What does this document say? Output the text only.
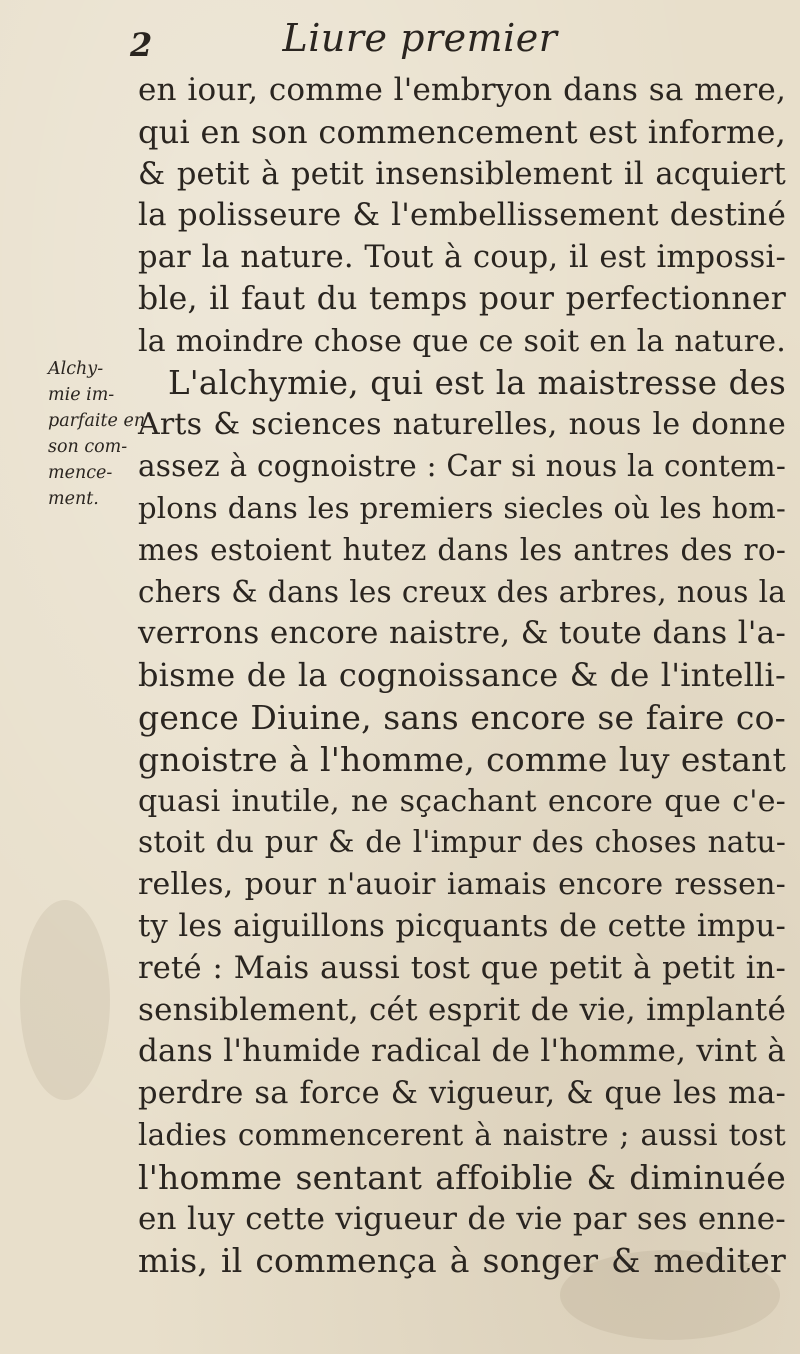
2	Liure premier
Alchy-
mie im-
parfaite en
son com-
mence-
ment.
en iour, comme l'embryon dans sa mere,
qui en son commencement est informe,
& petit à petit insensiblement il acquiert
la polisseure & l'embellissement destiné
par la nature. Tout à coup, il est impossi-
ble, il faut du temps pour perfectionner
la moindre chose que ce soit en la nature.
L'alchymie, qui est la maistresse des
Arts & sciences naturelles, nous le donne
assez à cognoistre : Car si nous la contem-
plons dans les premiers siecles où les hom-
mes estoient hutez dans les antres des ro-
chers & dans les creux des arbres, nous la
verrons encore naistre, & toute dans l'a-
bisme de la cognoissance & de l'intelli-
gence Diuine, sans encore se faire co-
gnoistre à l'homme, comme luy estant
quasi inutile, ne sçachant encore que c'e-
stoit du pur & de l'impur des choses natu-
relles, pour n'auoir iamais encore ressen-
ty les aiguillons picquants de cette impu-
reté : Mais aussi tost que petit à petit in-
sensiblement, cét esprit de vie, implanté
dans l'humide radical de l'homme, vint à
perdre sa force & vigueur, & que les ma-
ladies commencerent à naistre ; aussi tost
l'homme sentant affoiblie & diminuée
en luy cette vigueur de vie par ses enne-
mis, il commença à songer & mediter
